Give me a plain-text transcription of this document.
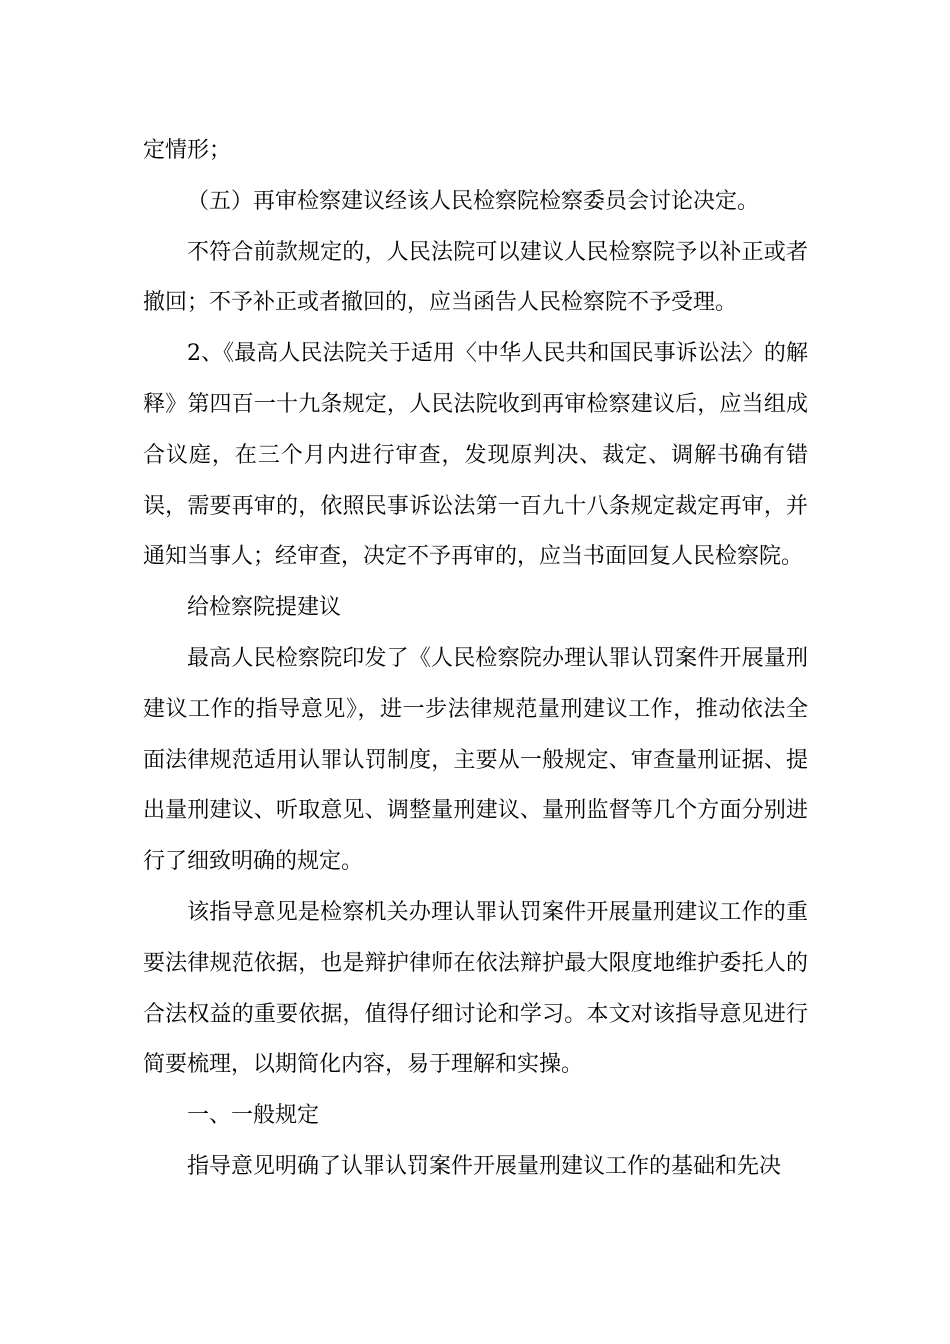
定情形；

（五）再审检察建议经该人民检察院检察委员会讨论决定。

不符合前款规定的，人民法院可以建议人民检察院予以补正或者撤回；不予补正或者撤回的，应当函告人民检察院不予受理。

2、《最高人民法院关于适用〈中华人民共和国民事诉讼法〉的解释》第四百一十九条规定，人民法院收到再审检察建议后，应当组成合议庭，在三个月内进行审查，发现原判决、裁定、调解书确有错误，需要再审的，依照民事诉讼法第一百九十八条规定裁定再审，并通知当事人；经审查，决定不予再审的，应当书面回复人民检察院。

给检察院提建议

最高人民检察院印发了《人民检察院办理认罪认罚案件开展量刑建议工作的指导意见》，进一步法律规范量刑建议工作，推动依法全面法律规范适用认罪认罚制度，主要从一般规定、审查量刑证据、提出量刑建议、听取意见、调整量刑建议、量刑监督等几个方面分别进行了细致明确的规定。

该指导意见是检察机关办理认罪认罚案件开展量刑建议工作的重要法律规范依据，也是辩护律师在依法辩护最大限度地维护委托人的合法权益的重要依据，值得仔细讨论和学习。本文对该指导意见进行简要梳理，以期简化内容，易于理解和实操。

一、一般规定

指导意见明确了认罪认罚案件开展量刑建议工作的基础和先决
